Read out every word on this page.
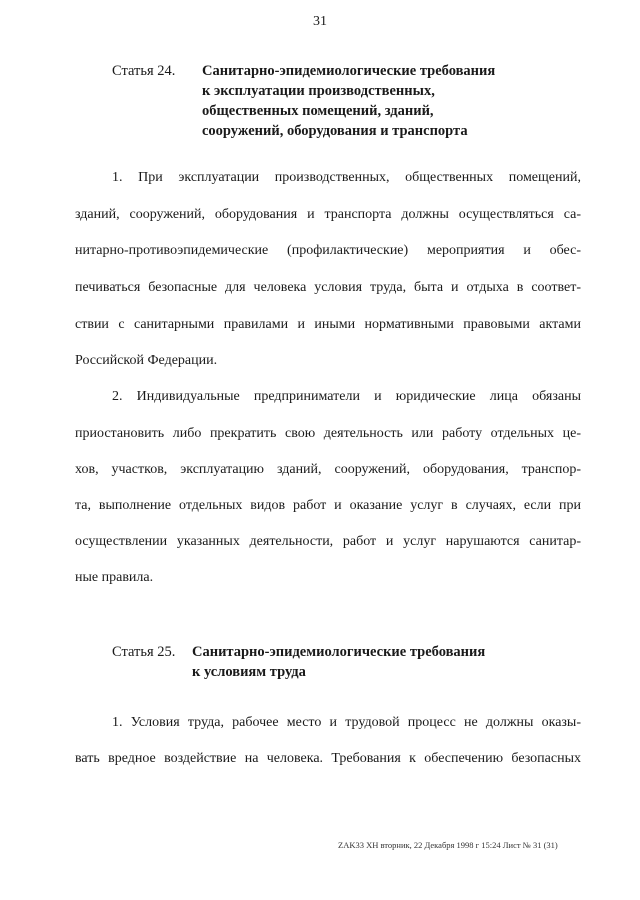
31
Статья 24. Санитарно-эпидемиологические требования
к эксплуатации производственных,
общественных помещений, зданий,
сооружений, оборудования и транспорта
1. При эксплуатации производственных, общественных помещений,
зданий, сооружений, оборудования и транспорта должны осуществляться са-
нитарно-противоэпидемические (профилактические) мероприятия и обес-
печиваться безопасные для человека условия труда, быта и отдыха в соответ-
ствии с санитарными правилами и иными нормативными правовыми актами
Российской Федерации.
2. Индивидуальные предприниматели и юридические лица обязаны
приостановить либо прекратить свою деятельность или работу отдельных це-
хов, участков, эксплуатацию зданий, сооружений, оборудования, транспор-
та, выполнение отдельных видов работ и оказание услуг в случаях, если при
осуществлении указанных деятельности, работ и услуг нарушаются санитар-
ные правила.
Статья 25. Санитарно-эпидемиологические требования
к условиям труда
1. Условия труда, рабочее место и трудовой процесс не должны оказы-
вать вредное воздействие на человека. Требования к обеспечению безопасных
ZAK33 XH вторник, 22 Декабря 1998 г 15:24 Лист № 31 (31)
